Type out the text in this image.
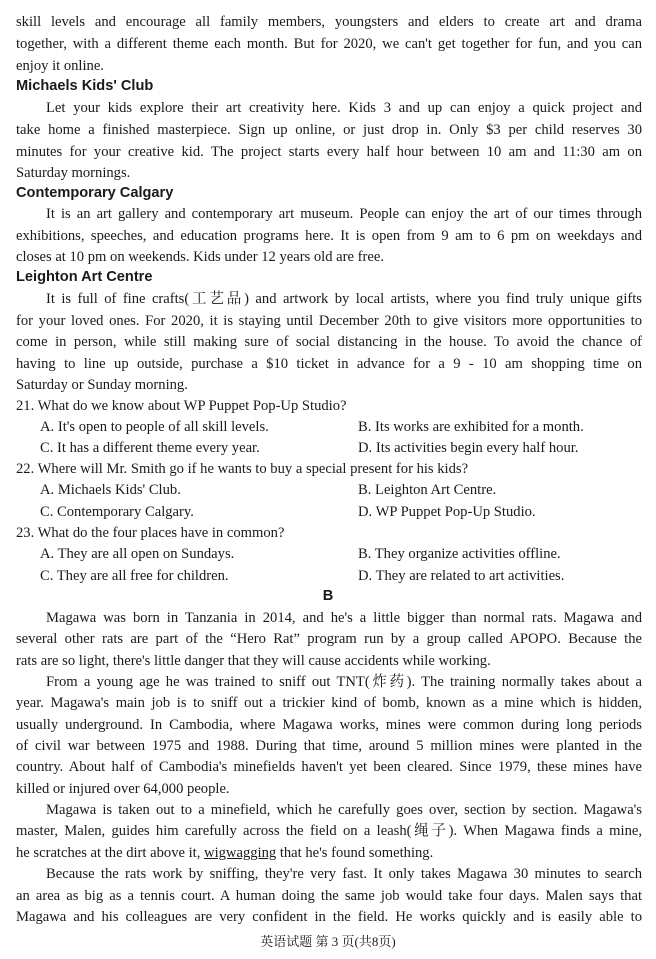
skill levels and encourage all family members, youngsters and elders to create art and drama
together, with a different theme each month. But for 2020, we can't get together for fun, and you can
enjoy it online.
Michaels Kids' Club
Let your kids explore their art creativity here. Kids 3 and up can enjoy a quick project and
take home a finished masterpiece. Sign up online, or just drop in. Only $3 per child reserves 30
minutes for your creative kid. The project starts every half hour between 10 am and 11:30 am on
Saturday mornings.
Contemporary Calgary
It is an art gallery and contemporary art museum. People can enjoy the art of our times through
exhibitions, speeches, and education programs here. It is open from 9 am to 6 pm on weekdays and
closes at 10 pm on weekends. Kids under 12 years old are free.
Leighton Art Centre
It is full of fine crafts(工艺品) and artwork by local artists, where you find truly unique gifts
for your loved ones. For 2020, it is staying until December 20th to give visitors more opportunities to
come in person, while still making sure of social distancing in the house. To avoid the chance of
having to line up outside, purchase a $10 ticket in advance for a 9 - 10 am shopping time on
Saturday or Sunday morning.
21. What do we know about WP Puppet Pop-Up Studio?
A. It's open to people of all skill levels.	B. Its works are exhibited for a month.
C. It has a different theme every year.	D. Its activities begin every half hour.
22. Where will Mr. Smith go if he wants to buy a special present for his kids?
A. Michaels Kids' Club.	B. Leighton Art Centre.
C. Contemporary Calgary.	D. WP Puppet Pop-Up Studio.
23. What do the four places have in common?
A. They are all open on Sundays.	B. They organize activities offline.
C. They are all free for children.	D. They are related to art activities.
B
Magawa was born in Tanzania in 2014, and he's a little bigger than normal rats. Magawa and
several other rats are part of the “Hero Rat” program run by a group called APOPO. Because the
rats are so light, there's little danger that they will cause accidents while working.
From a young age he was trained to sniff out TNT(炸药). The training normally takes about a
year. Magawa's main job is to sniff out a trickier kind of bomb, known as a mine which is hidden,
usually underground. In Cambodia, where Magawa works, mines were common during long periods
of civil war between 1975 and 1988. During that time, around 5 million mines were planted in the
country. About half of Cambodia's minefields haven't yet been cleared. Since 1979, these mines have
killed or injured over 64,000 people.
Magawa is taken out to a minefield, which he carefully goes over, section by section. Magawa's
master, Malen, guides him carefully across the field on a leash(绳子). When Magawa finds a mine,
he scratches at the dirt above it, wigwagging that he's found something.
Because the rats work by sniffing, they're very fast. It only takes Magawa 30 minutes to search
an area as big as a tennis court. A human doing the same job would take four days. Malen says that
Magawa and his colleagues are very confident in the field. He works quickly and is easily able to
英语试题 第 3 页(共8页)
